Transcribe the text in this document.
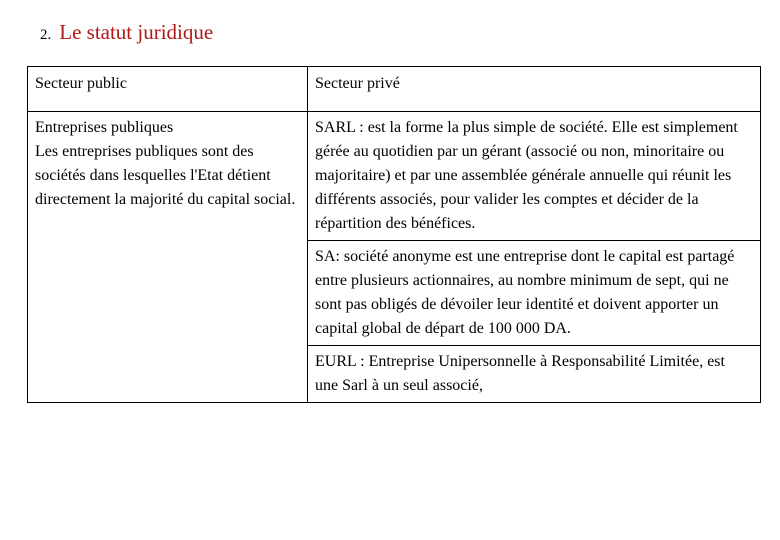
2. Le statut juridique
Secteur public	Secteur privé

Entreprises publiques
Les entreprises publiques sont des sociétés dans lesquelles l'Etat détient directement la majorité du capital social.	SARL : est la forme la plus simple de société. Elle est simplement gérée au quotidien par un gérant (associé ou non, minoritaire ou majoritaire) et par une assemblée générale annuelle qui réunit les différents associés, pour valider les comptes et décider de la répartition des bénéfices.
	SA: société anonyme est une entreprise dont le capital est partagé entre plusieurs actionnaires, au nombre minimum de sept, qui ne sont pas obligés de dévoiler leur identité et doivent apporter un capital global de départ de 100 000 DA.
	EURL : Entreprise Unipersonnelle à Responsabilité Limitée, est une Sarl à un seul associé,
